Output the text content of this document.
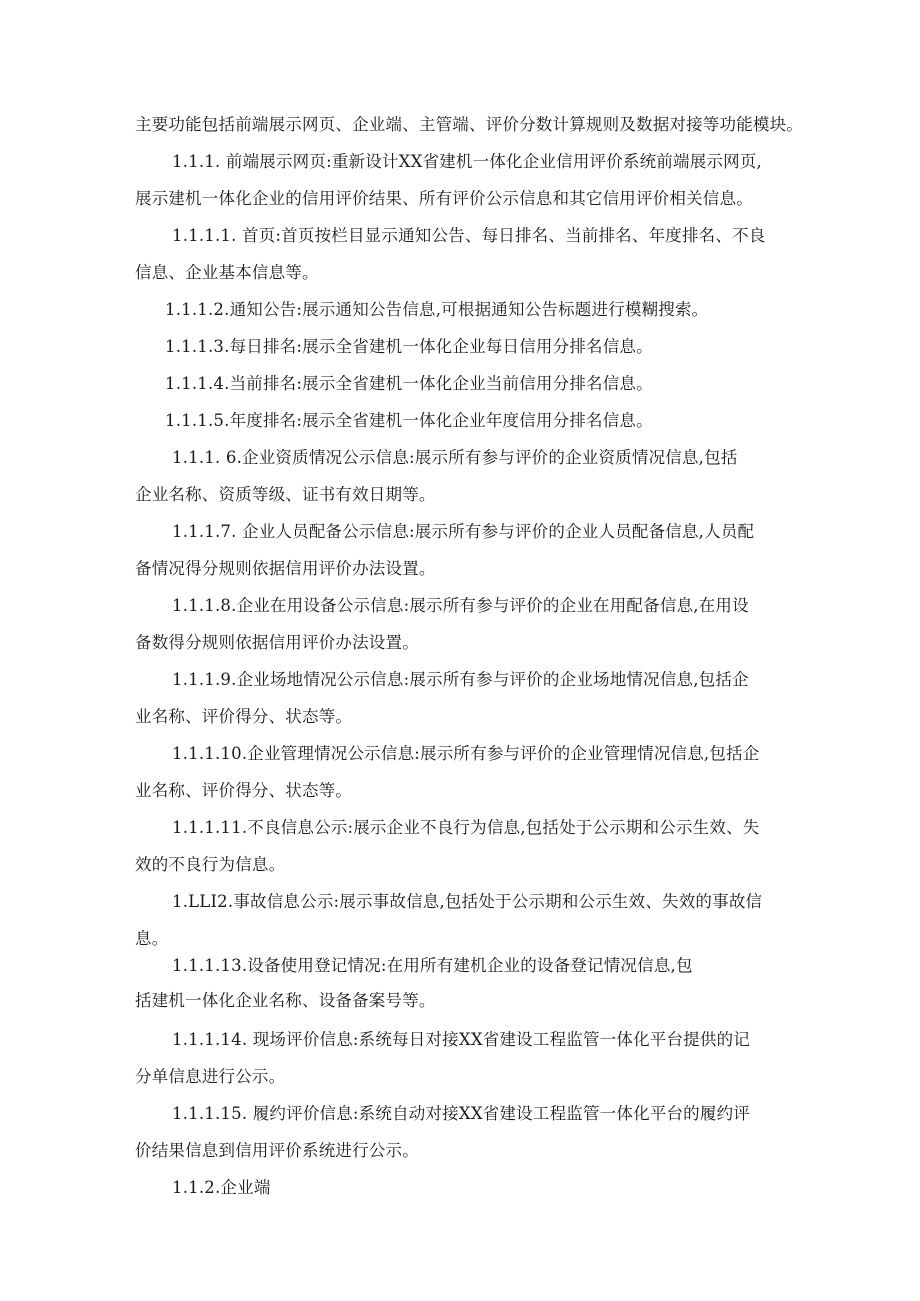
主要功能包括前端展示网页、企业端、主管端、评价分数计算规则及数据对接等功能模块。
1.1.1. 前端展示网页:重新设计XX省建机一体化企业信用评价系统前端展示网页,
展示建机一体化企业的信用评价结果、所有评价公示信息和其它信用评价相关信息。
1.1.1.1. 首页:首页按栏目显示通知公告、每日排名、当前排名、年度排名、不良
信息、企业基本信息等。
1.1.1.2.通知公告:展示通知公告信息,可根据通知公告标题进行模糊搜索。
1.1.1.3.每日排名:展示全省建机一体化企业每日信用分排名信息。
1.1.1.4.当前排名:展示全省建机一体化企业当前信用分排名信息。
1.1.1.5.年度排名:展示全省建机一体化企业年度信用分排名信息。
1.1.1. 6.企业资质情况公示信息:展示所有参与评价的企业资质情况信息,包括
企业名称、资质等级、证书有效日期等。
1.1.1.7. 企业人员配备公示信息:展示所有参与评价的企业人员配备信息,人员配
备情况得分规则依据信用评价办法设置。
1.1.1.8.企业在用设备公示信息:展示所有参与评价的企业在用配备信息,在用设
备数得分规则依据信用评价办法设置。
1.1.1.9.企业场地情况公示信息:展示所有参与评价的企业场地情况信息,包括企
业名称、评价得分、状态等。
1.1.1.10.企业管理情况公示信息:展示所有参与评价的企业管理情况信息,包括企
业名称、评价得分、状态等。
1.1.1.11.不良信息公示:展示企业不良行为信息,包括处于公示期和公示生效、失
效的不良行为信息。
1.LLI2.事故信息公示:展示事故信息,包括处于公示期和公示生效、失效的事故信
息。
1.1.1.13.设备使用登记情况:在用所有建机企业的设备登记情况信息,包
括建机一体化企业名称、设备备案号等。
1.1.1.14. 现场评价信息:系统每日对接XX省建设工程监管一体化平台提供的记
分单信息进行公示。
1.1.1.15. 履约评价信息:系统自动对接XX省建设工程监管一体化平台的履约评
价结果信息到信用评价系统进行公示。
1.1.2.企业端
